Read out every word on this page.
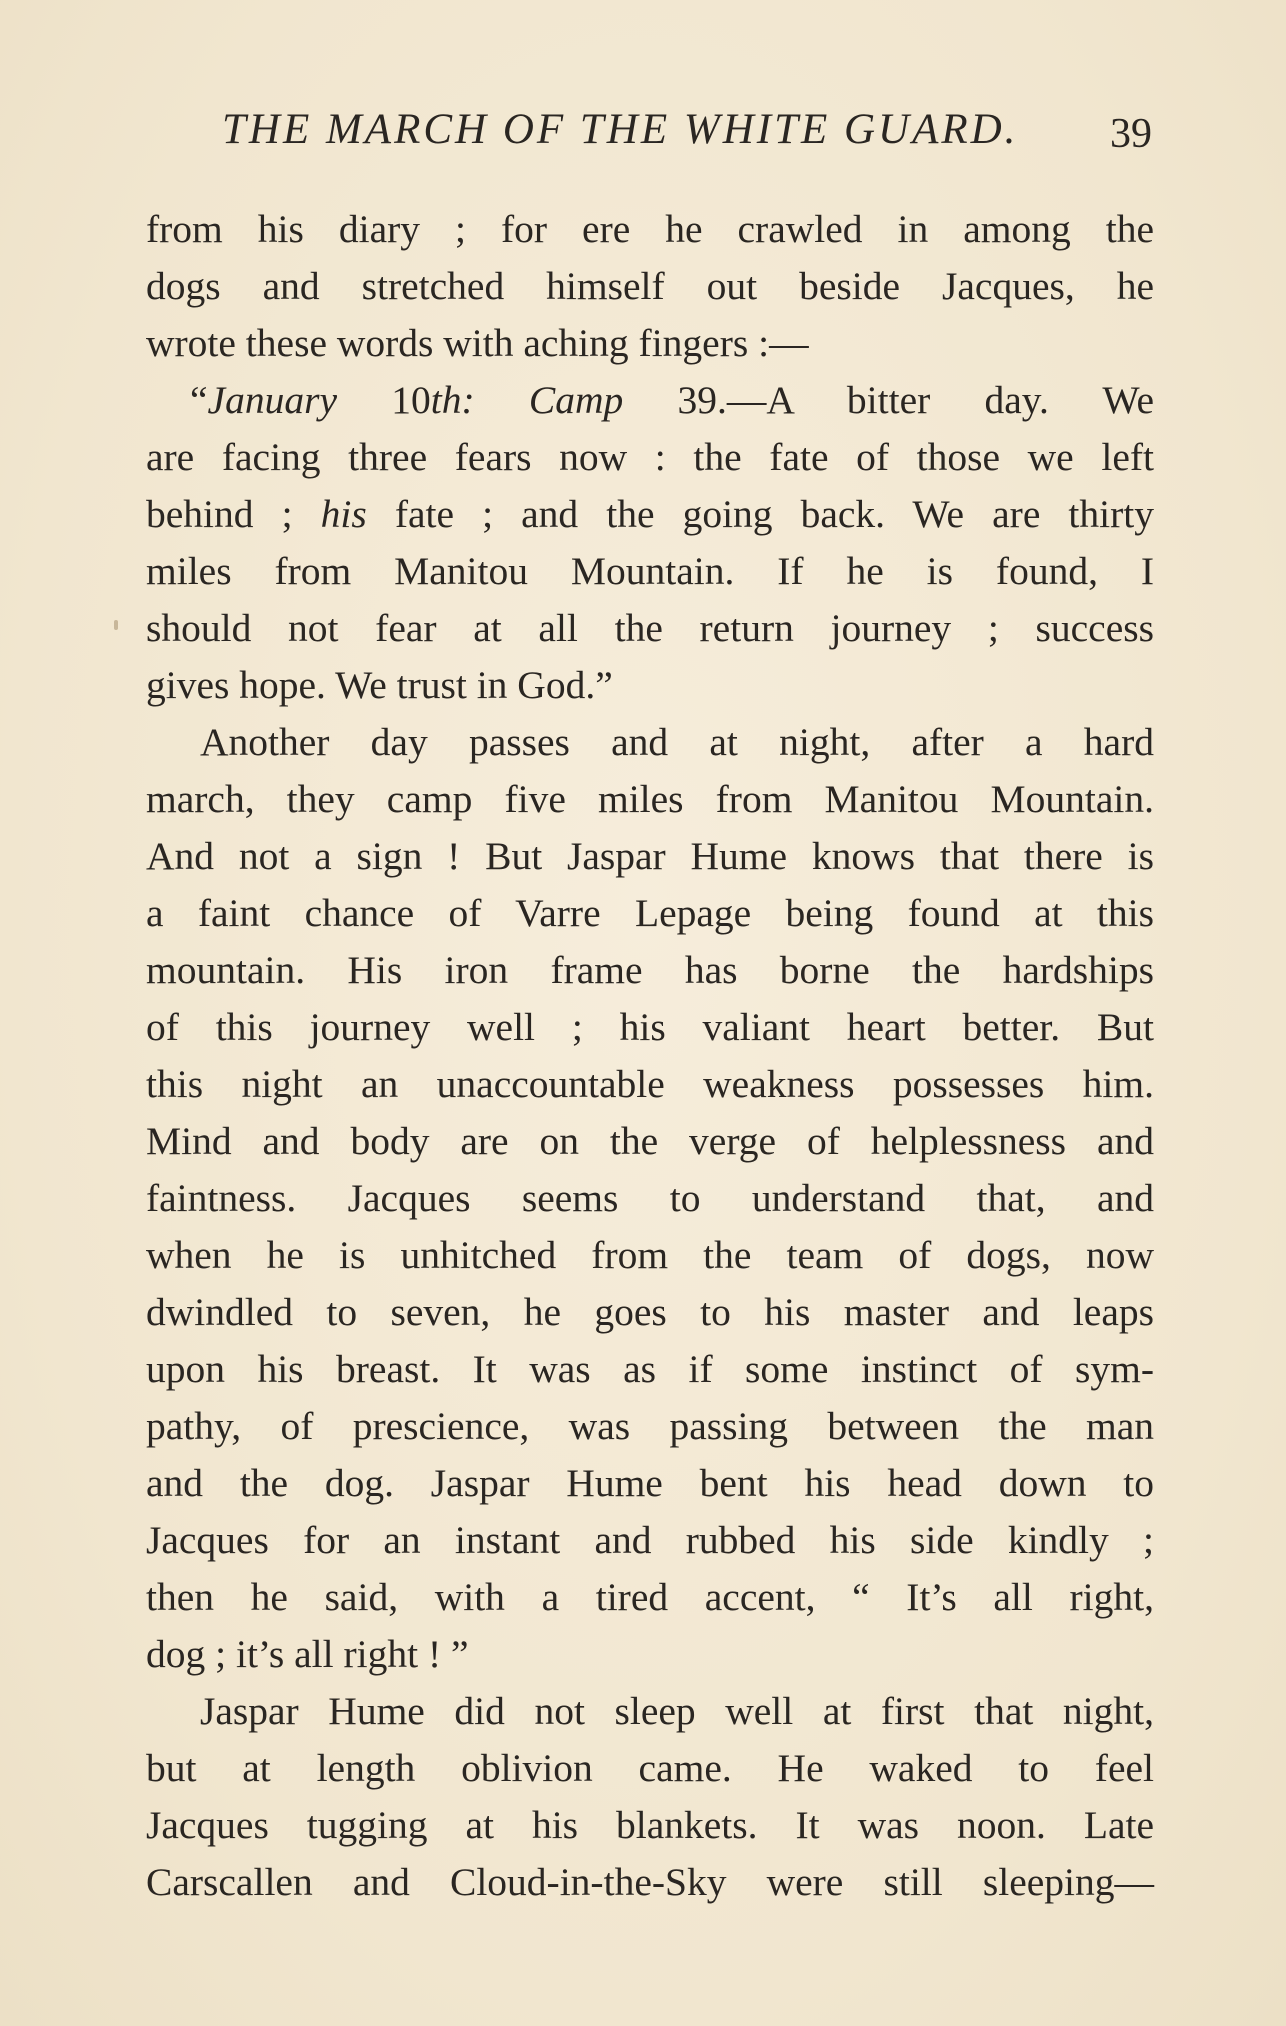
THE MARCH OF THE WHITE GUARD. 39
from his diary ; for ere he crawled in among the
dogs and stretched himself out beside Jacques, he
wrote these words with aching fingers :—
“January 10th: Camp 39.—A bitter day. We
are facing three fears now : the fate of those we left
behind ; his fate ; and the going back. We are thirty
miles from Manitou Mountain. If he is found, I
should not fear at all the return journey ; success
gives hope. We trust in God.”
Another day passes and at night, after a hard
march, they camp five miles from Manitou Mountain.
And not a sign ! But Jaspar Hume knows that there is
a faint chance of Varre Lepage being found at this
mountain. His iron frame has borne the hardships
of this journey well ; his valiant heart better. But
this night an unaccountable weakness possesses him.
Mind and body are on the verge of helplessness and
faintness. Jacques seems to understand that, and
when he is unhitched from the team of dogs, now
dwindled to seven, he goes to his master and leaps
upon his breast. It was as if some instinct of sym-
pathy, of prescience, was passing between the man
and the dog. Jaspar Hume bent his head down to
Jacques for an instant and rubbed his side kindly ;
then he said, with a tired accent, “ It’s all right,
dog ; it’s all right ! ”
Jaspar Hume did not sleep well at first that night,
but at length oblivion came. He waked to feel
Jacques tugging at his blankets. It was noon. Late
Carscallen and Cloud-in-the-Sky were still sleeping—
